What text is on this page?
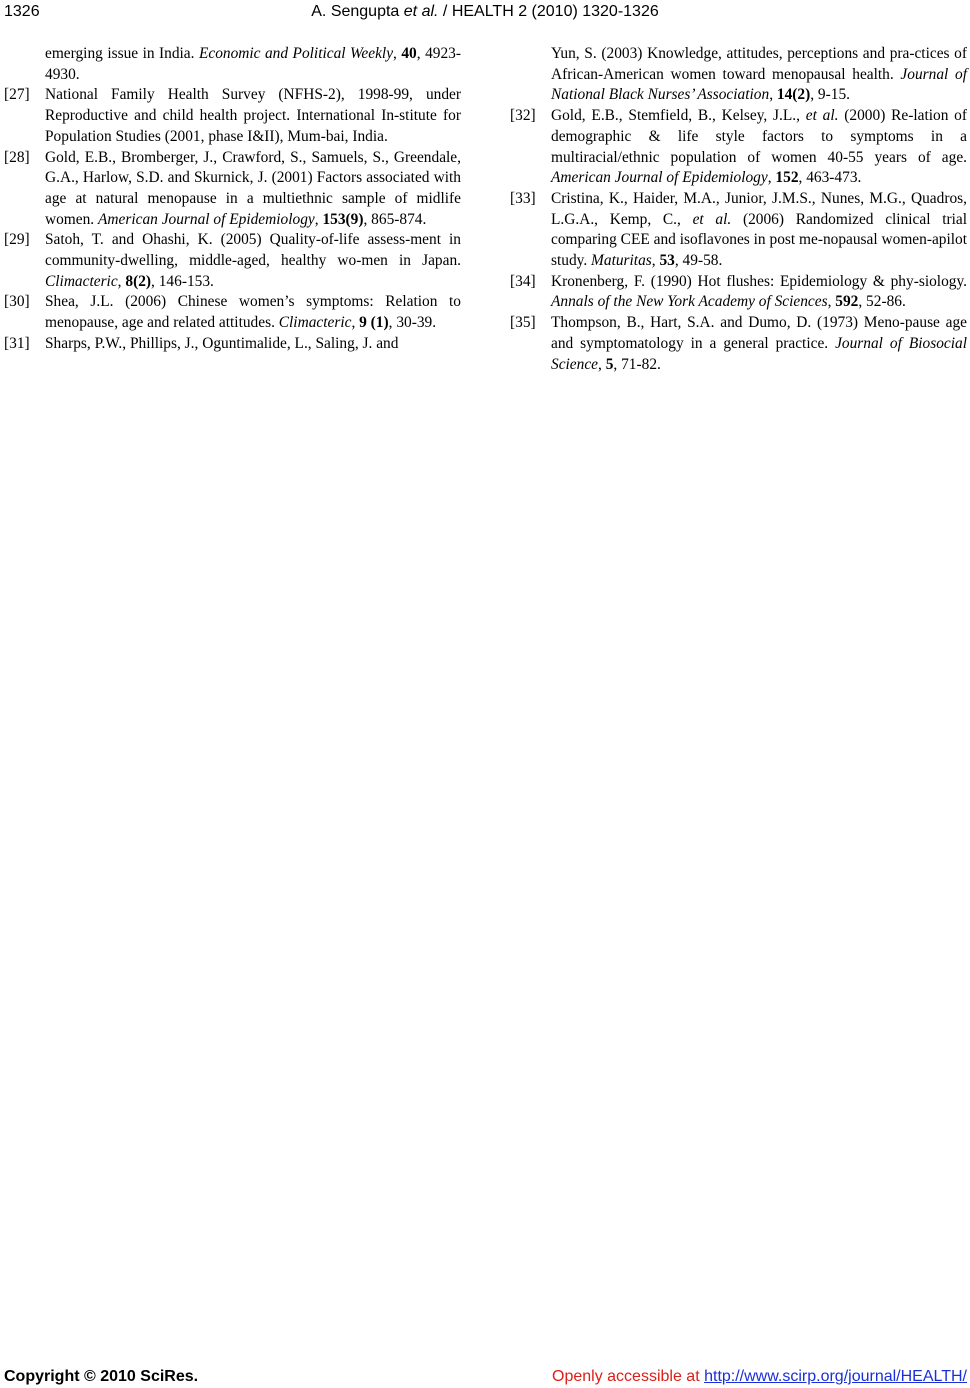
1326	A. Sengupta et al. / HEALTH 2 (2010) 1320-1326

emerging issue in India. Economic and Political Weekly, 40, 4923-4930.

[27] National Family Health Survey (NFHS-2), 1998-99, under Reproductive and child health project. International In-stitute for Population Studies (2001, phase I&II), Mum-bai, India.

[28] Gold, E.B., Bromberger, J., Crawford, S., Samuels, S., Greendale, G.A., Harlow, S.D. and Skurnick, J. (2001) Factors associated with age at natural menopause in a multiethnic sample of midlife women. American Journal of Epidemiology, 153(9), 865-874.

[29] Satoh, T. and Ohashi, K. (2005) Quality-of-life assess-ment in community-dwelling, middle-aged, healthy wo-men in Japan. Climacteric, 8(2), 146-153.

[30] Shea, J.L. (2006) Chinese women’s symptoms: Relation to menopause, age and related attitudes. Climacteric, 9 (1), 30-39.

[31] Sharps, P.W., Phillips, J., Oguntimalide, L., Saling, J. and

Yun, S. (2003) Knowledge, attitudes, perceptions and pra-ctices of African-American women toward menopausal health. Journal of National Black Nurses’ Association, 14(2), 9-15.

[32] Gold, E.B., Stemfield, B., Kelsey, J.L., et al. (2000) Re-lation of demographic & life style factors to symptoms in a multiracial/ethnic population of women 40-55 years of age. American Journal of Epidemiology, 152, 463-473.

[33] Cristina, K., Haider, M.A., Junior, J.M.S., Nunes, M.G., Quadros, L.G.A., Kemp, C., et al. (2006) Randomized clinical trial comparing CEE and isoflavones in post me-nopausal women-apilot study. Maturitas, 53, 49-58.

[34] Kronenberg, F. (1990) Hot flushes: Epidemiology & phy-siology. Annals of the New York Academy of Sciences, 592, 52-86.

[35] Thompson, B., Hart, S.A. and Dumo, D. (1973) Meno-pause age and symptomatology in a general practice. Journal of Biosocial Science, 5, 71-82.

Copyright © 2010 SciRes.	Openly accessible at http://www.scirp.org/journal/HEALTH/
